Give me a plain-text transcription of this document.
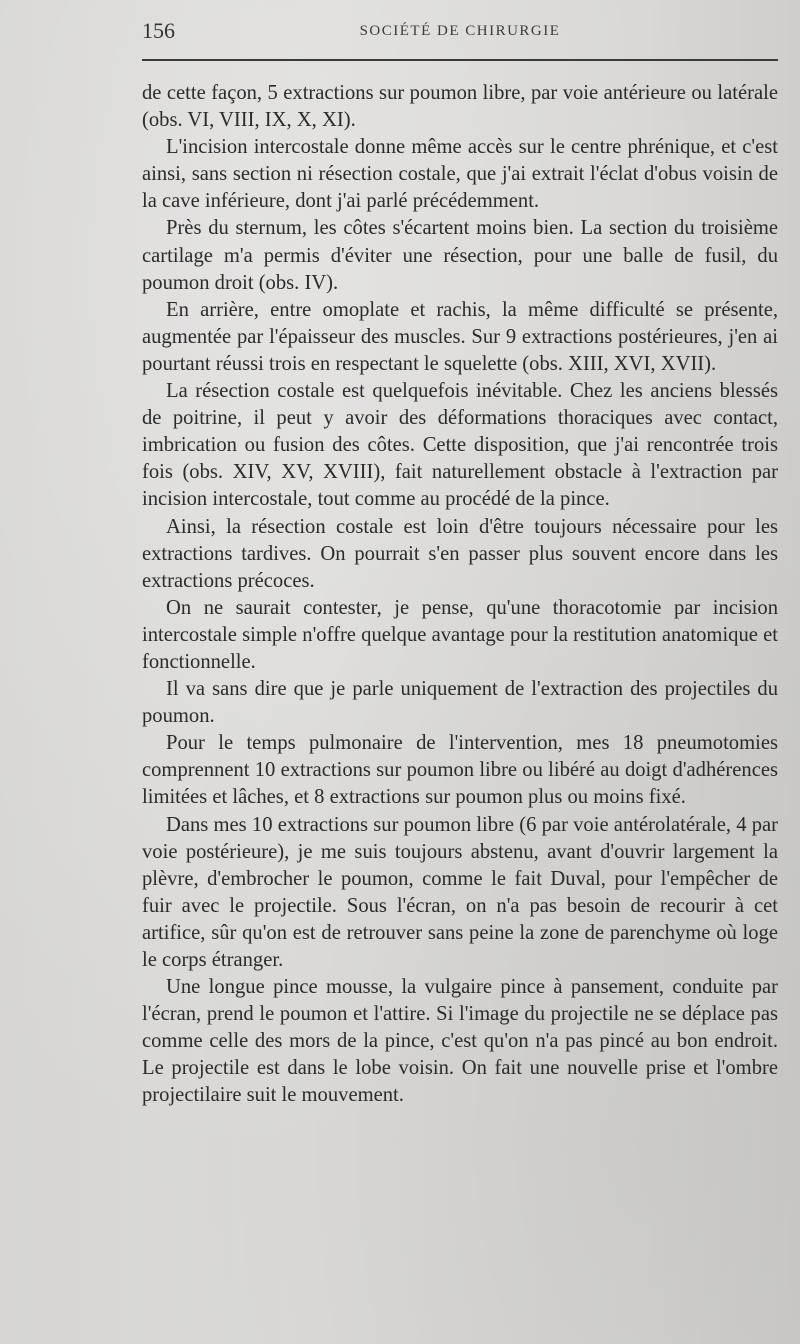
156	SOCIÉTÉ DE CHIRURGIE

de cette façon, 5 extractions sur poumon libre, par voie antérieure ou latérale (obs. VI, VIII, IX, X, XI).

L'incision intercostale donne même accès sur le centre phrénique, et c'est ainsi, sans section ni résection costale, que j'ai extrait l'éclat d'obus voisin de la cave inférieure, dont j'ai parlé précédemment.

Près du sternum, les côtes s'écartent moins bien. La section du troisième cartilage m'a permis d'éviter une résection, pour une balle de fusil, du poumon droit (obs. IV).

En arrière, entre omoplate et rachis, la même difficulté se présente, augmentée par l'épaisseur des muscles. Sur 9 extractions postérieures, j'en ai pourtant réussi trois en respectant le squelette (obs. XIII, XVI, XVII).

La résection costale est quelquefois inévitable. Chez les anciens blessés de poitrine, il peut y avoir des déformations thoraciques avec contact, imbrication ou fusion des côtes. Cette disposition, que j'ai rencontrée trois fois (obs. XIV, XV, XVIII), fait naturellement obstacle à l'extraction par incision intercostale, tout comme au procédé de la pince.

Ainsi, la résection costale est loin d'être toujours nécessaire pour les extractions tardives. On pourrait s'en passer plus souvent encore dans les extractions précoces.

On ne saurait contester, je pense, qu'une thoracotomie par incision intercostale simple n'offre quelque avantage pour la restitution anatomique et fonctionnelle.

Il va sans dire que je parle uniquement de l'extraction des projectiles du poumon.

Pour le temps pulmonaire de l'intervention, mes 18 pneumotomies comprennent 10 extractions sur poumon libre ou libéré au doigt d'adhérences limitées et lâches, et 8 extractions sur poumon plus ou moins fixé.

Dans mes 10 extractions sur poumon libre (6 par voie antérolatérale, 4 par voie postérieure), je me suis toujours abstenu, avant d'ouvrir largement la plèvre, d'embrocher le poumon, comme le fait Duval, pour l'empêcher de fuir avec le projectile. Sous l'écran, on n'a pas besoin de recourir à cet artifice, sûr qu'on est de retrouver sans peine la zone de parenchyme où loge le corps étranger.

Une longue pince mousse, la vulgaire pince à pansement, conduite par l'écran, prend le poumon et l'attire. Si l'image du projectile ne se déplace pas comme celle des mors de la pince, c'est qu'on n'a pas pincé au bon endroit. Le projectile est dans le lobe voisin. On fait une nouvelle prise et l'ombre projectilaire suit le mouvement.
